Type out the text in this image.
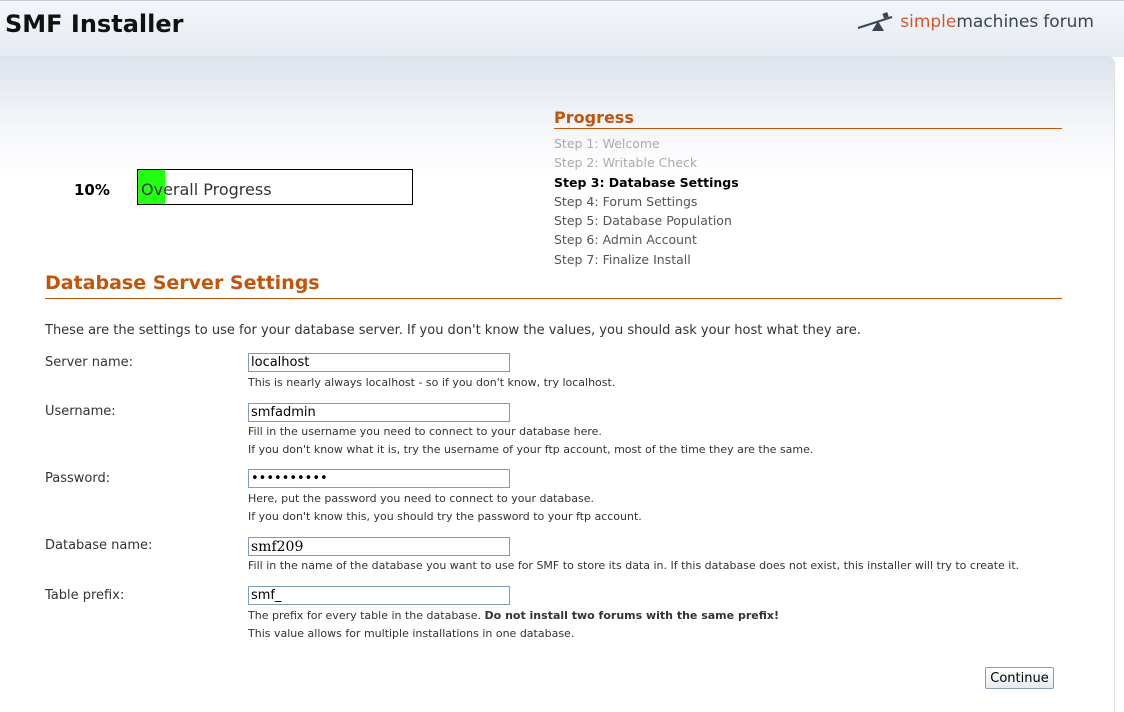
SMF Installer	simple machines forum
10% Overall Progress
Progress
Step 1: Welcome
Step 2: Writable Check
Step 3: Database Settings
Step 4: Forum Settings
Step 5: Database Population
Step 6: Admin Account
Step 7: Finalize Install
Database Server Settings
These are the settings to use for your database server. If you don't know the values, you should ask your host what they are.
Server name:
localhost
This is nearly always localhost - so if you don't know, try localhost.
Username:
smfadmin
Fill in the username you need to connect to your database here.
If you don't know what it is, try the username of your ftp account, most of the time they are the same.
Password:
Here, put the password you need to connect to your database.
If you don't know this, you should try the password to your ftp account.
Database name:
smf209
Fill in the name of the database you want to use for SMF to store its data in. If this database does not exist, this installer will try to create it.
Table prefix:
smf_
The prefix for every table in the database. Do not install two forums with the same prefix!
This value allows for multiple installations in one database.
Continue
